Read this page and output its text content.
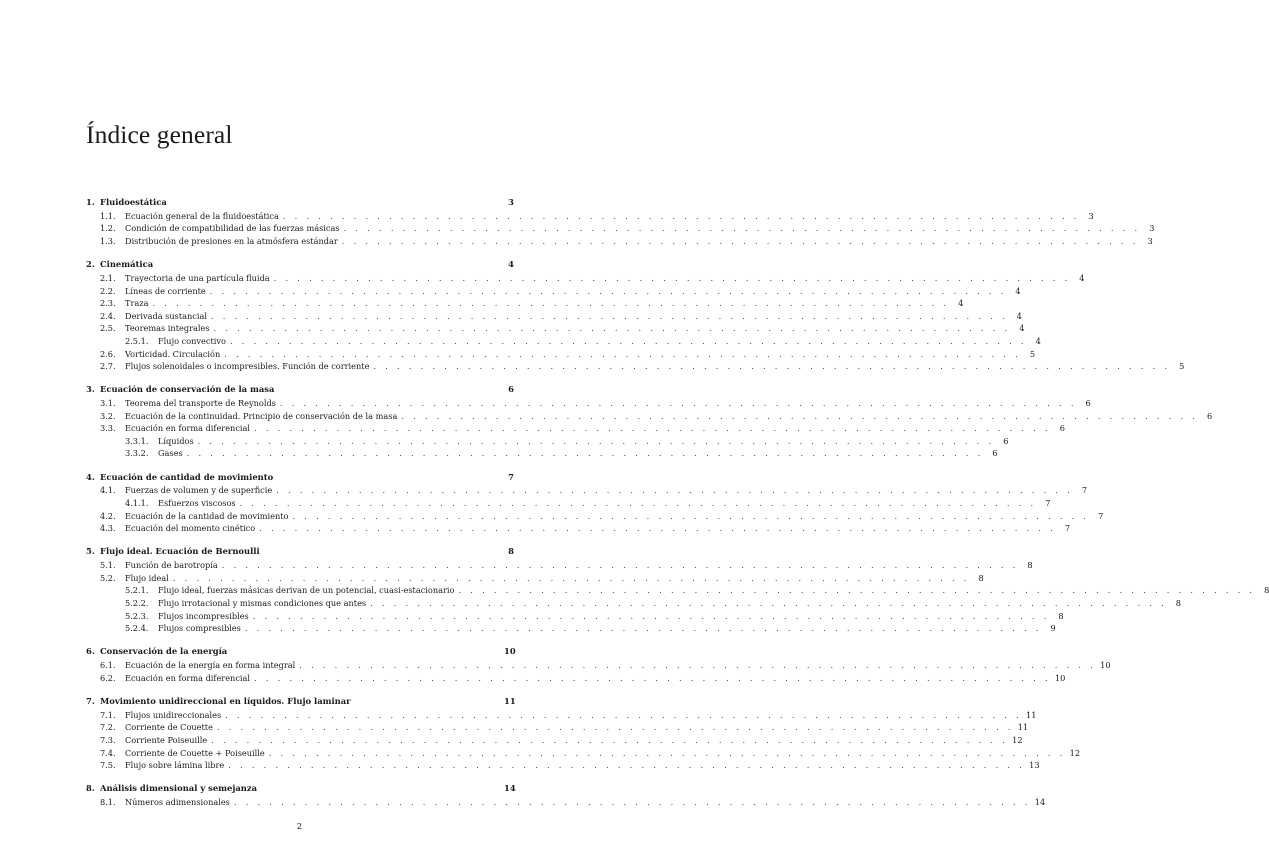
Índice general
1. Fluidoestática	3
1.1.	Ecuación general de la fluidoestática . . . . . . . . . . . . . . . . . . . . . . . . . . . . . . . . . . . . . . . . . . . . . . . . . . . . . . . . . . . . . . . . . . . .	3
1.2.	Condición de compatibilidad de las fuerzas másicas . . . . . . . . . . . . . . . . . . . . . . . . . . . . . . . . . . . . . . . . . . . . . . . . . . . . . . . . . . . . . . . . . . . .	3
1.3.	Distribución de presiones en la atmósfera estándar . . . . . . . . . . . . . . . . . . . . . . . . . . . . . . . . . . . . . . . . . . . . . . . . . . . . . . . . . . . . . . . . . . . .	3
2. Cinemática	4
2.1.	Trayectoria de una partícula fluida . . . . . . . . . . . . . . . . . . . . . . . . . . . . . . . . . . . . . . . . . . . . . . . . . . . . . . . . . . . . . . . . . . . .	4
2.2.	Líneas de corriente . . . . . . . . . . . . . . . . . . . . . . . . . . . . . . . . . . . . . . . . . . . . . . . . . . . . . . . . . . . . . . . . . . . .	4
2.3.	Traza . . . . . . . . . . . . . . . . . . . . . . . . . . . . . . . . . . . . . . . . . . . . . . . . . . . . . . . . . . . . . . . . . . . .	4
2.4.	Derivada sustancial . . . . . . . . . . . . . . . . . . . . . . . . . . . . . . . . . . . . . . . . . . . . . . . . . . . . . . . . . . . . . . . . . . . .	4
2.5.	Teoremas integrales . . . . . . . . . . . . . . . . . . . . . . . . . . . . . . . . . . . . . . . . . . . . . . . . . . . . . . . . . . . . . . . . . . . .	4
2.5.1.	Flujo convectivo . . . . . . . . . . . . . . . . . . . . . . . . . . . . . . . . . . . . . . . . . . . . . . . . . . . . . . . . . . . . . . . . . . . .	4
2.6.	Vorticidad. Circulación . . . . . . . . . . . . . . . . . . . . . . . . . . . . . . . . . . . . . . . . . . . . . . . . . . . . . . . . . . . . . . . . . . . .	5
2.7.	Flujos solenoidales o incompresibles. Función de corriente . . . . . . . . . . . . . . . . . . . . . . . . . . . . . . . . . . . . . . . . . . . . . . . . . . . . . . . . . . . . . . . . . . . .	5
3. Ecuación de conservación de la masa	6
3.1.	Teorema del transporte de Reynolds . . . . . . . . . . . . . . . . . . . . . . . . . . . . . . . . . . . . . . . . . . . . . . . . . . . . . . . . . . . . . . . . . . . .	6
3.2.	Ecuación de la continuidad. Principio de conservación de la masa . . . . . . . . . . . . . . . . . . . . . . . . . . . . . . . . . . . . . . . . . . . . . . . . . . . . . . . . . . . . . . . . . . . .	6
3.3.	Ecuación en forma diferencial . . . . . . . . . . . . . . . . . . . . . . . . . . . . . . . . . . . . . . . . . . . . . . . . . . . . . . . . . . . . . . . . . . . .	6
3.3.1.	Líquidos . . . . . . . . . . . . . . . . . . . . . . . . . . . . . . . . . . . . . . . . . . . . . . . . . . . . . . . . . . . . . . . . . . . .	6
3.3.2.	Gases . . . . . . . . . . . . . . . . . . . . . . . . . . . . . . . . . . . . . . . . . . . . . . . . . . . . . . . . . . . . . . . . . . . .	6
4. Ecuación de cantidad de movimiento	7
4.1.	Fuerzas de volumen y de superficie . . . . . . . . . . . . . . . . . . . . . . . . . . . . . . . . . . . . . . . . . . . . . . . . . . . . . . . . . . . . . . . . . . . .	7
4.1.1.	Esfuerzos viscosos . . . . . . . . . . . . . . . . . . . . . . . . . . . . . . . . . . . . . . . . . . . . . . . . . . . . . . . . . . . . . . . . . . . .	7
4.2.	Ecuación de la cantidad de movimiento . . . . . . . . . . . . . . . . . . . . . . . . . . . . . . . . . . . . . . . . . . . . . . . . . . . . . . . . . . . . . . . . . . . .	7
4.3.	Ecuación del momento cinético . . . . . . . . . . . . . . . . . . . . . . . . . . . . . . . . . . . . . . . . . . . . . . . . . . . . . . . . . . . . . . . . . . . .	7
5. Flujo ideal. Ecuación de Bernoulli	8
5.1.	Función de barotropía . . . . . . . . . . . . . . . . . . . . . . . . . . . . . . . . . . . . . . . . . . . . . . . . . . . . . . . . . . . . . . . . . . . .	8
5.2.	Flujo ideal . . . . . . . . . . . . . . . . . . . . . . . . . . . . . . . . . . . . . . . . . . . . . . . . . . . . . . . . . . . . . . . . . . . .	8
5.2.1.	Flujo ideal, fuerzas másicas derivan de un potencial, cuasi-estacionario . . . . . . . . . . . . . . . . . . . . . . . . . . . . . . . . . . . . . . . . . . . . . . . . . . . . . . . . . . . . . . . . . . . .	8
5.2.2.	Flujo irrotacional y mismas condiciones que antes . . . . . . . . . . . . . . . . . . . . . . . . . . . . . . . . . . . . . . . . . . . . . . . . . . . . . . . . . . . . . . . . . . . .	8
5.2.3.	Flujos incompresibles . . . . . . . . . . . . . . . . . . . . . . . . . . . . . . . . . . . . . . . . . . . . . . . . . . . . . . . . . . . . . . . . . . . .	8
5.2.4.	Flujos compresibles . . . . . . . . . . . . . . . . . . . . . . . . . . . . . . . . . . . . . . . . . . . . . . . . . . . . . . . . . . . . . . . . . . . .	9
6. Conservación de la energía	10
6.1.	Ecuación de la energía en forma integral . . . . . . . . . . . . . . . . . . . . . . . . . . . . . . . . . . . . . . . . . . . . . . . . . . . . . . . . . . . . . . . . . . . . 10
6.2.	Ecuación en forma diferencial . . . . . . . . . . . . . . . . . . . . . . . . . . . . . . . . . . . . . . . . . . . . . . . . . . . . . . . . . . . . . . . . . . . . 10
7. Movimiento unidireccional en líquidos. Flujo laminar	11
7.1.	Flujos unidireccionales . . . . . . . . . . . . . . . . . . . . . . . . . . . . . . . . . . . . . . . . . . . . . . . . . . . . . . . . . . . . . . . . . . . . 11
7.2.	Corriente de Couette . . . . . . . . . . . . . . . . . . . . . . . . . . . . . . . . . . . . . . . . . . . . . . . . . . . . . . . . . . . . . . . . . . . . 11
7.3.	Corriente Poiseuille . . . . . . . . . . . . . . . . . . . . . . . . . . . . . . . . . . . . . . . . . . . . . . . . . . . . . . . . . . . . . . . . . . . . 12
7.4.	Corriente de Couette + Poiseuille . . . . . . . . . . . . . . . . . . . . . . . . . . . . . . . . . . . . . . . . . . . . . . . . . . . . . . . . . . . . . . . . . . . . 12
7.5.	Flujo sobre lámina libre . . . . . . . . . . . . . . . . . . . . . . . . . . . . . . . . . . . . . . . . . . . . . . . . . . . . . . . . . . . . . . . . . . . . 13
8. Análisis dimensional y semejanza	14
8.1.	Números adimensionales . . . . . . . . . . . . . . . . . . . . . . . . . . . . . . . . . . . . . . . . . . . . . . . . . . . . . . . . . . . . . . . . . . . . 14
2
